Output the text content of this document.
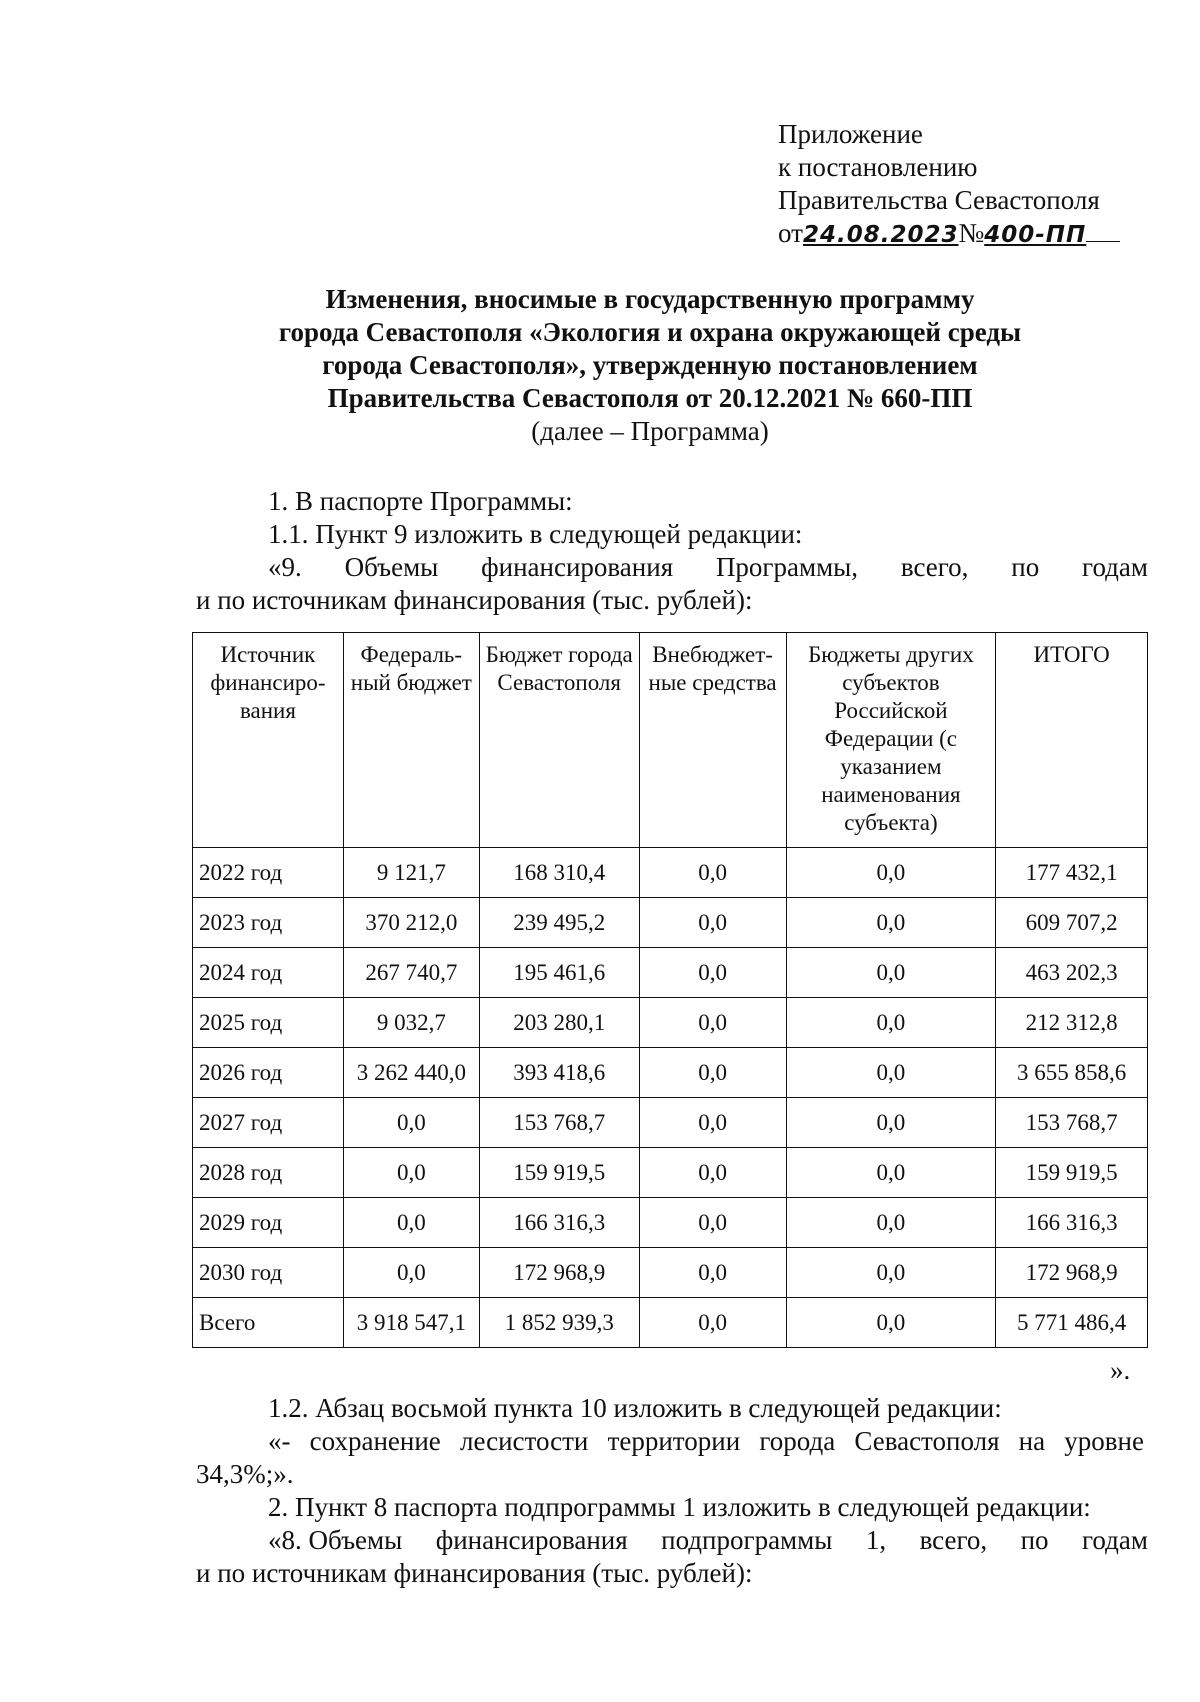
Приложение
к постановлению
Правительства Севастополя
от24.08.2023№400-ПП
Изменения, вносимые в государственную программу
города Севастополя «Экология и охрана окружающей среды
города Севастополя», утвержденную постановлением
Правительства Севастополя от 20.12.2021 № 660-ПП
(далее – Программа)
1. В паспорте Программы:
1.1. Пункт 9 изложить в следующей редакции:
«9. Объемы финансирования Программы, всего, по годам
и по источникам финансирования (тыс. рублей):
Источник финансиро-вания	Федераль-ный бюджет	Бюджет города Севастополя	Внебюджет-ные средства	Бюджеты других субъектов Российской Федерации (с указанием наименования субъекта)	ИТОГО
2022 год	9 121,7	168 310,4	0,0	0,0	177 432,1
2023 год	370 212,0	239 495,2	0,0	0,0	609 707,2
2024 год	267 740,7	195 461,6	0,0	0,0	463 202,3
2025 год	9 032,7	203 280,1	0,0	0,0	212 312,8
2026 год	3 262 440,0	393 418,6	0,0	0,0	3 655 858,6
2027 год	0,0	153 768,7	0,0	0,0	153 768,7
2028 год	0,0	159 919,5	0,0	0,0	159 919,5
2029 год	0,0	166 316,3	0,0	0,0	166 316,3
2030 год	0,0	172 968,9	0,0	0,0	172 968,9
Всего	3 918 547,1	1 852 939,3	0,0	0,0	5 771 486,4
».
1.2. Абзац восьмой пункта 10 изложить в следующей редакции:
«- сохранение лесистости территории города Севастополя на уровне 34,3%;».
2. Пункт 8 паспорта подпрограммы 1 изложить в следующей редакции:
«8. Объемы финансирования подпрограммы 1, всего, по годам
и по источникам финансирования (тыс. рублей):
